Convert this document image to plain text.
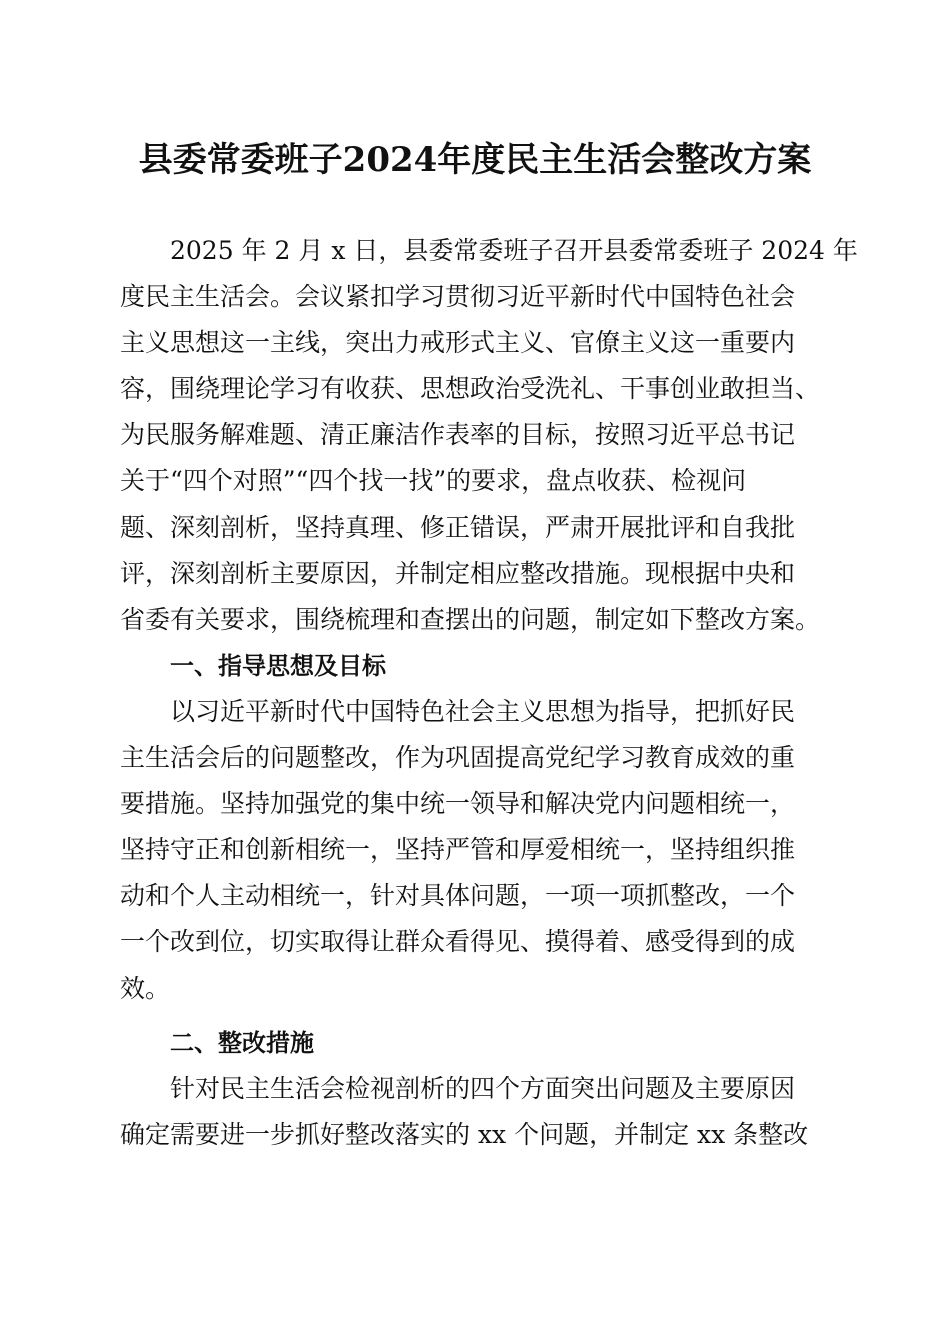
县委常委班子2024年度民主生活会整改方案
2025 年 2 月 x 日，县委常委班子召开县委常委班子 2024 年
度民主生活会。会议紧扣学习贯彻习近平新时代中国特色社会
主义思想这一主线，突出力戒形式主义、官僚主义这一重要内
容，围绕理论学习有收获、思想政治受洗礼、干事创业敢担当、
为民服务解难题、清正廉洁作表率的目标，按照习近平总书记
关于“四个对照”“四个找一找”的要求，盘点收获、检视问
题、深刻剖析，坚持真理、修正错误，严肃开展批评和自我批
评，深刻剖析主要原因，并制定相应整改措施。现根据中央和
省委有关要求，围绕梳理和查摆出的问题，制定如下整改方案。
一、指导思想及目标
以习近平新时代中国特色社会主义思想为指导，把抓好民
主生活会后的问题整改，作为巩固提高党纪学习教育成效的重
要措施。坚持加强党的集中统一领导和解决党内问题相统一，
坚持守正和创新相统一，坚持严管和厚爱相统一，坚持组织推
动和个人主动相统一，针对具体问题，一项一项抓整改，一个
一个改到位，切实取得让群众看得见、摸得着、感受得到的成
效。
二、整改措施
针对民主生活会检视剖析的四个方面突出问题及主要原因
确定需要进一步抓好整改落实的 xx 个问题，并制定 xx 条整改
